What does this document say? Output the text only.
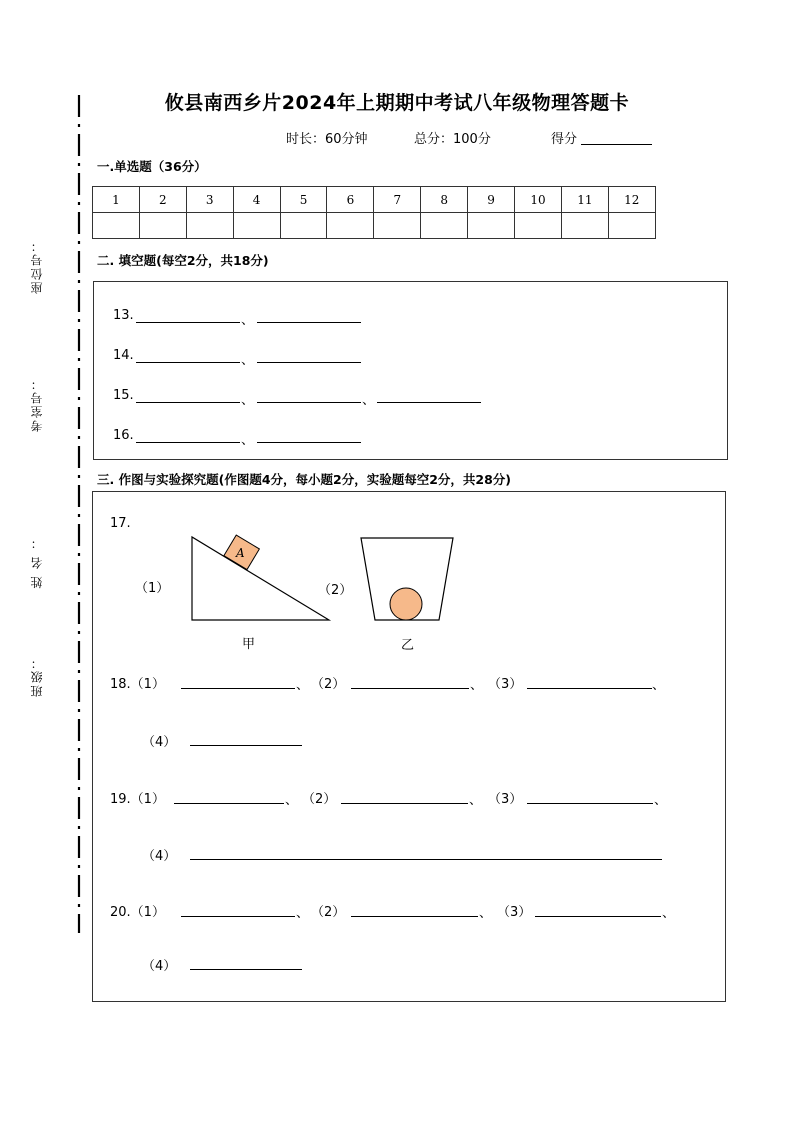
攸县南西乡片2024年上期期中考试八年级物理答题卡
时长：60分钟	总分：100分	得分
座位号：
考室号：
姓 名 ：
班级：
一.单选题（36分）
1	2	3	4	5	6	7	8	9	10	11	12

二. 填空题(每空2分，共18分)
13.	、
14.	、
15.	、	、
16.	、
三. 作图与实验探究题(作图题4分，每小题2分，实验题每空2分，共28分)
17.
（1）	（2）
A
甲	乙
18.（1）	、 （2）	、 （3）	、
（4）
19.（1）	、 （2）	、 （3）	、
（4）
20.（1）	、 （2）	、 （3）	、
（4）
